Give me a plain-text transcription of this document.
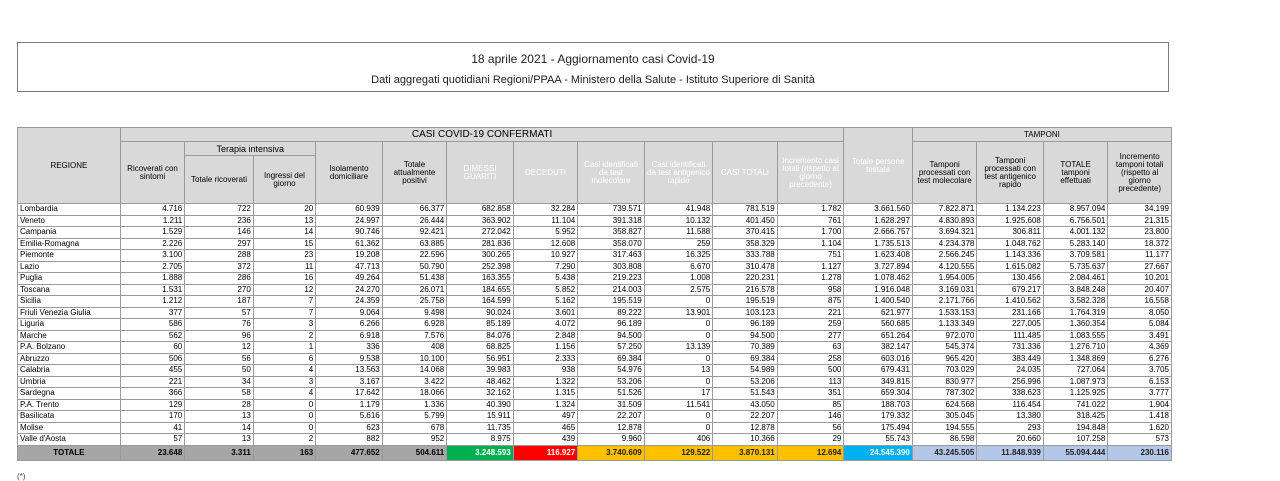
18 aprile 2021 - Aggiornamento casi Covid-19
Dati aggregati quotidiani Regioni/PPAA - Ministero della Salute - Istituto Superiore di Sanità
REGIONE	CASI COVID-19 CONFERMATI											Totale persone testate	TAMPONI			
	Ricoverati con sintomi	Terapia intensiva		Isolamento domiciliare	Totale attualmente positivi	DIMESSI GUARITI	DECEDUTI	Casi identificati da test molecolare	Casi identificati da test antigenico rapido	CASI TOTALI	Incremento casi totali (rispetto al giorno precedente)		Tamponi processati con test molecolare	Tamponi processati con test antigenico rapido	TOTALE tamponi effettuati	Incremento tamponi totali (rispetto al giorno precedente)
		Totale ricoverati	Ingressi del giorno													
Lombardia	4.716	722	20	60.939	66.377	682.858	32.284	739.571	41.948	781.519	1.782	3.661.560	7.822.871	1.134.223	8.957.094	34.199
Veneto	1.211	236	13	24.997	26.444	363.902	11.104	391.318	10.132	401.450	761	1.628.297	4.830.893	1.925.608	6.756.501	21.315
Campania	1.529	146	14	90.746	92.421	272.042	5.952	358.827	11.588	370.415	1.700	2.666.757	3.694.321	306.811	4.001.132	23.800
Emilia-Romagna	2.226	297	15	61.362	63.885	281.836	12.608	358.070	259	358.329	1.104	1.735.513	4.234.378	1.048.762	5.283.140	18.372
Piemonte	3.100	288	23	19.208	22.596	300.265	10.927	317.463	16.325	333.788	751	1.623.408	2.566.245	1.143.336	3.709.581	11.177
Lazio	2.705	372	11	47.713	50.790	252.398	7.290	303.808	6.670	310.478	1.127	3.727.894	4.120.555	1.615.082	5.735.637	27.667
Puglia	1.888	286	16	49.264	51.438	163.355	5.438	219.223	1.008	220.231	1.278	1.078.462	1.954.005	130.456	2.084.461	10.201
Toscana	1.531	270	12	24.270	26.071	184.655	5.852	214.003	2.575	216.578	958	1.916.048	3.169.031	679.217	3.848.248	20.407
Sicilia	1.212	187	7	24.359	25.758	164.599	5.162	195.519	0	195.519	875	1.400.540	2.171.766	1.410.562	3.582.328	16.558
Friuli Venezia Giulia	377	57	7	9.064	9.498	90.024	3.601	89.222	13.901	103.123	221	621.977	1.533.153	231.166	1.764.319	8.050
Liguria	586	76	3	6.266	6.928	85.189	4.072	96.189	0	96.189	259	560.685	1.133.349	227.005	1.360.354	5.084
Marche	562	96	2	6.918	7.576	84.076	2.848	94.500	0	94.500	277	651.264	972.070	111.485	1.083.555	3.491
P.A. Bolzano	60	12	1	336	408	68.825	1.156	57.250	13.139	70.389	63	382.147	545.374	731.336	1.276.710	4.369
Abruzzo	506	56	6	9.538	10.100	56.951	2.333	69.384	0	69.384	258	603.016	965.420	383.449	1.348.869	6.276
Calabria	455	50	4	13.563	14.068	39.983	938	54.976	13	54.989	500	679.431	703.029	24.035	727.064	3.705
Umbria	221	34	3	3.167	3.422	48.462	1.322	53.206	0	53.206	113	349.815	830.977	256.996	1.087.973	6.153
Sardegna	366	58	4	17.642	18.066	32.162	1.315	51.526	17	51.543	351	659.304	787.302	338.623	1.125.925	3.777
P.A. Trento	129	28	0	1.179	1.336	40.390	1.324	31.509	11.541	43.050	85	188.703	624.568	116.454	741.022	1.904
Basilicata	170	13	0	5.616	5.799	15.911	497	22.207	0	22.207	146	179.332	305.045	13.380	318.425	1.418
Molise	41	14	0	623	678	11.735	465	12.878	0	12.878	56	175.494	194.555	293	194.848	1.620
Valle d'Aosta	57	13	2	882	952	8.975	439	9.960	406	10.366	29	55.743	86.598	20.660	107.258	573
TOTALE	23.648	3.311	163	477.652	504.611	3.248.593	116.927	3.740.609	129.522	3.870.131	12.694	24.545.390	43.245.505	11.848.939	55.094.444	230.116
(*)
